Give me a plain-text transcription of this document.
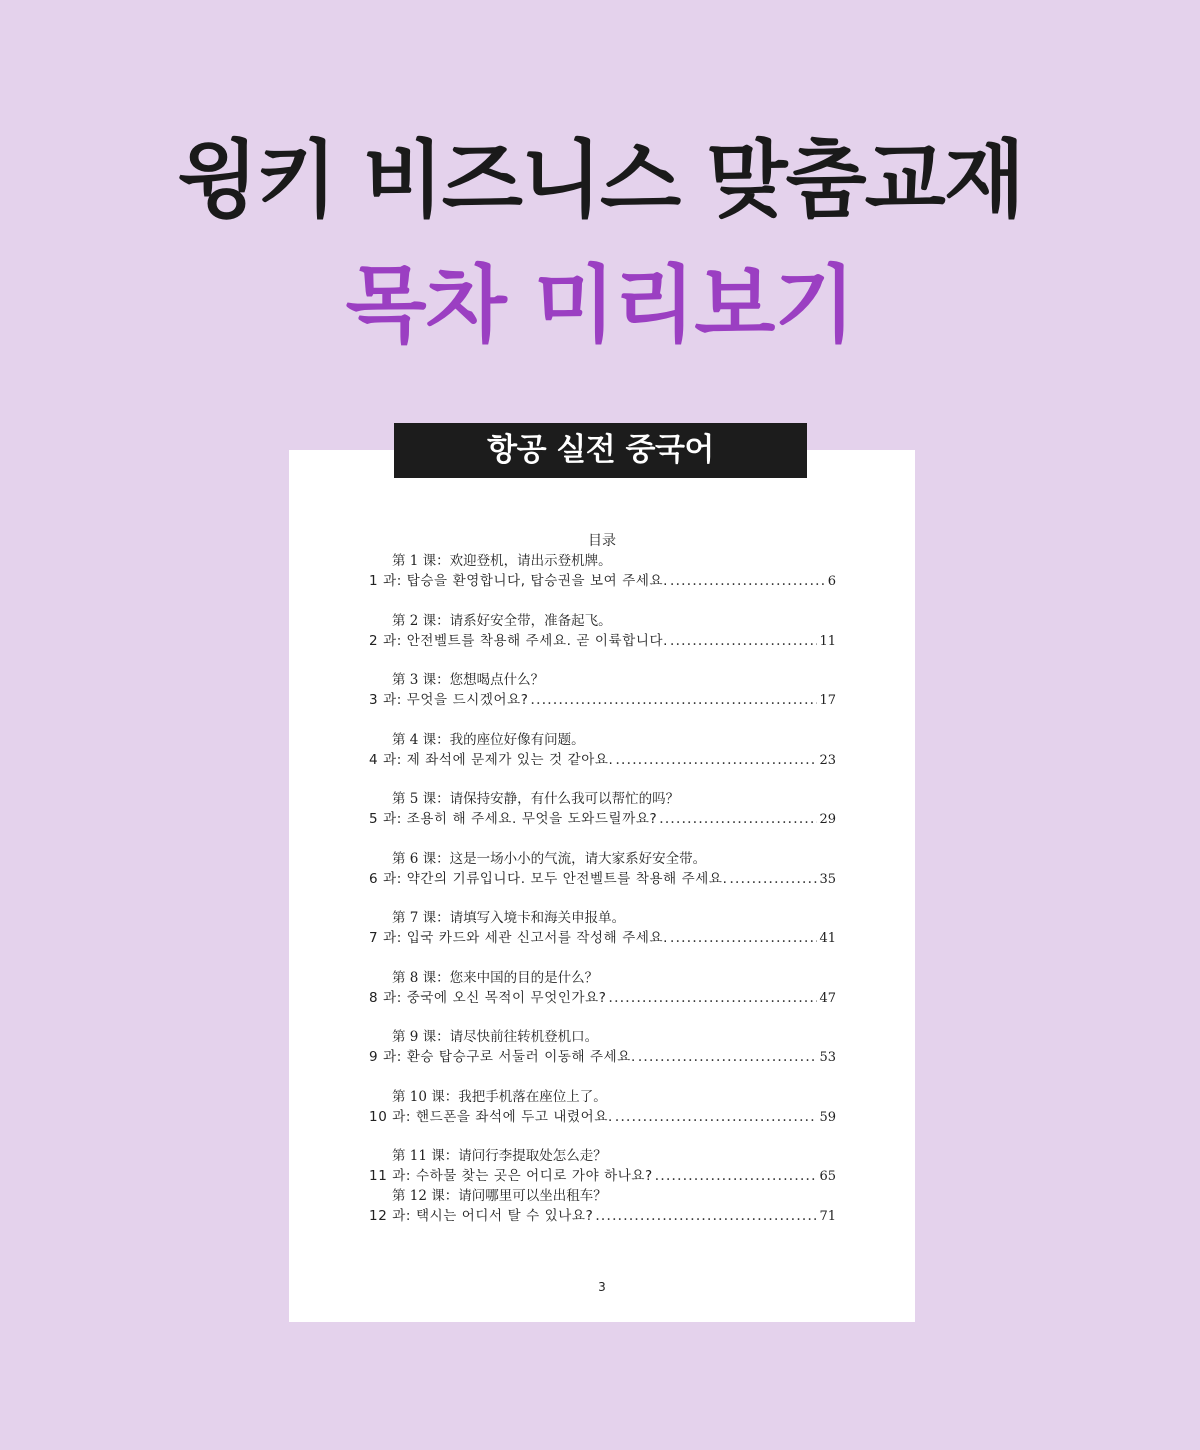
윙키 비즈니스 맞춤교재
목차 미리보기
항공 실전 중국어
目录
第 1 课：欢迎登机，请出示登机牌。
1 과: 탑승을 환영합니다, 탑승권을 보여 주세요. . . .	6
第 2 课：请系好安全带，准备起飞。
2 과: 안전벨트를 착용해 주세요. 곧 이륙합니다. . . .	11
第 3 课：您想喝点什么？
3 과: 무엇을 드시겠어요? . . .	17
第 4 课：我的座位好像有问题。
4 과: 제 좌석에 문제가 있는 것 같아요. . . .	23
第 5 课：请保持安静，有什么我可以帮忙的吗？
5 과: 조용히 해 주세요. 무엇을 도와드릴까요? . . .	29
第 6 课：这是一场小小的气流，请大家系好安全带。
6 과: 약간의 기류입니다. 모두 안전벨트를 착용해 주세요. . . .	35
第 7 课：请填写入境卡和海关申报单。
7 과: 입국 카드와 세관 신고서를 작성해 주세요. . . .	41
第 8 课：您来中国的目的是什么？
8 과: 중국에 오신 목적이 무엇인가요? . . .	47
第 9 课：请尽快前往转机登机口。
9 과: 환승 탑승구로 서둘러 이동해 주세요. . . .	53
第 10 课：我把手机落在座位上了。
10 과: 핸드폰을 좌석에 두고 내렸어요. . . .	59
第 11 课：请问行李提取处怎么走？
11 과: 수하물 찾는 곳은 어디로 가야 하나요? . . .	65
第 12 课：请问哪里可以坐出租车？
12 과: 택시는 어디서 탈 수 있나요? . . .	71
3
